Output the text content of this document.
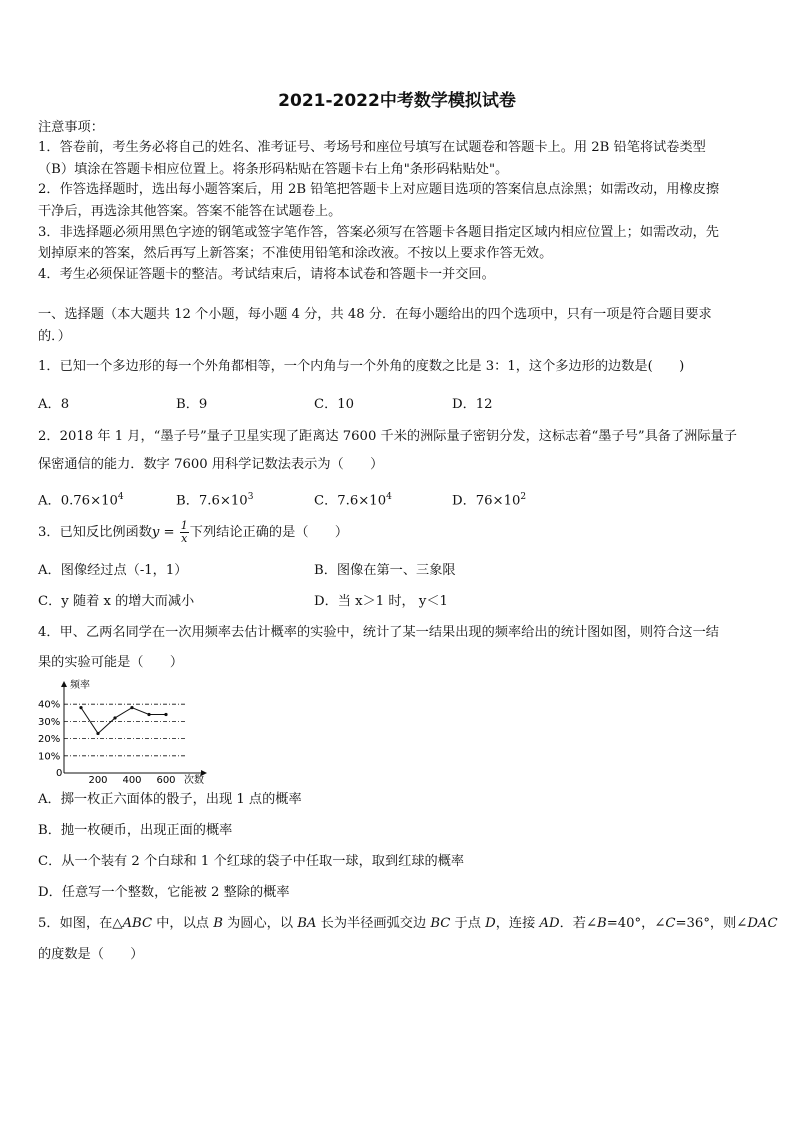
2021-2022中考数学模拟试卷
注意事项：
1．答卷前，考生务必将自己的姓名、准考证号、考场号和座位号填写在试题卷和答题卡上。用 2B 铅笔将试卷类型
（B）填涂在答题卡相应位置上。将条形码粘贴在答题卡右上角"条形码粘贴处"。
2．作答选择题时，选出每小题答案后，用 2B 铅笔把答题卡上对应题目选项的答案信息点涂黑；如需改动，用橡皮擦
干净后，再选涂其他答案。答案不能答在试题卷上。
3．非选择题必须用黑色字迹的钢笔或签字笔作答，答案必须写在答题卡各题目指定区域内相应位置上；如需改动，先
划掉原来的答案，然后再写上新答案；不准使用铅笔和涂改液。不按以上要求作答无效。
4．考生必须保证答题卡的整洁。考试结束后，请将本试卷和答题卡一并交回。
一、选择题（本大题共 12 个小题，每小题 4 分，共 48 分．在每小题给出的四个选项中，只有一项是符合题目要求
的．）
1．已知一个多边形的每一个外角都相等，一个内角与一个外角的度数之比是 3：1，这个多边形的边数是(　　)
A．8	B．9	C．10	D．12
2．2018 年 1 月，“墨子号”量子卫星实现了距离达 7600 千米的洲际量子密钥分发，这标志着“墨子号”具备了洲际量子
保密通信的能力．数字 7600 用科学记数法表示为（　　）
A．$0.76\times 10^4$	B．$7.6\times 10^3$	C．$7.6\times 10^4$	D．$76\times 10^2$
3．已知反比例函数$y = \frac{1}{x}$ 下列结论正确的是（　　）
A．图像经过点（-1，1）	B．图像在第一、三象限
C．y 随着 x 的增大而减小	D．当 x＞1 时， y＜1
4．甲、乙两名同学在一次用频率去估计概率的实验中，统计了某一结果出现的频率给出的统计图如图，则符合这一结
果的实验可能是（　　）
频率
次数
0
10%
20%
30%
40%
200 400 600
A．掷一枚正六面体的骰子，出现 1 点的概率
B．抛一枚硬币，出现正面的概率
C．从一个装有 2 个白球和 1 个红球的袋子中任取一球，取到红球的概率
D．任意写一个整数，它能被 2 整除的概率
5．如图，在△ABC 中，以点 B 为圆心，以 BA 长为半径画弧交边 BC 于点 D，连接 AD．若∠B=40°，∠C=36°，则∠DAC
的度数是（　　）
